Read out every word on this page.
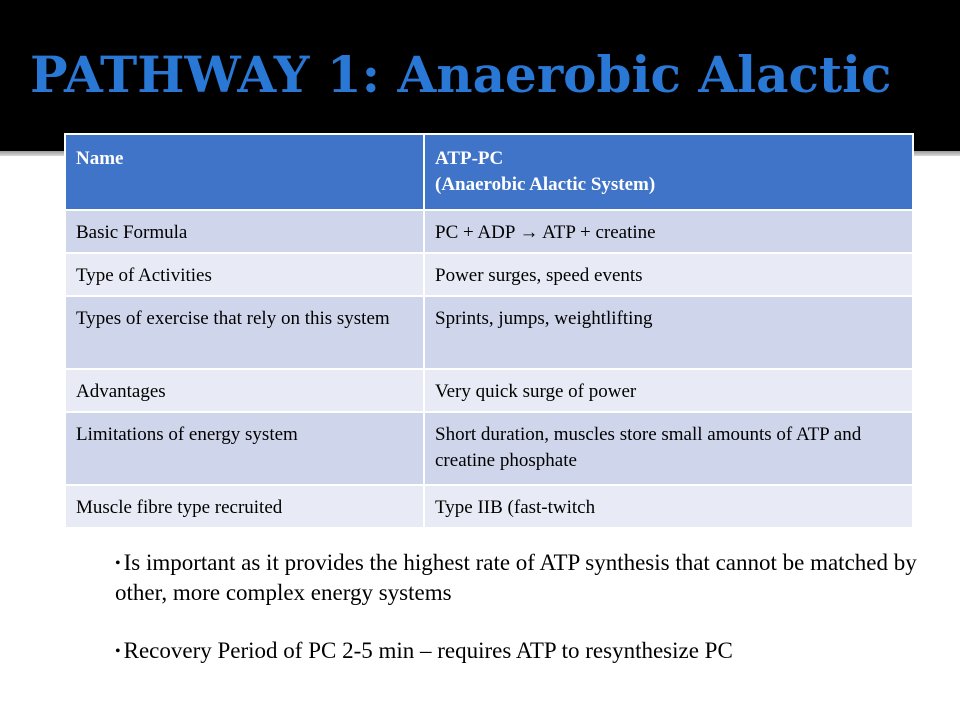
PATHWAY 1: Anaerobic Alactic
Name	ATP-PC
(Anaerobic Alactic System)
Basic Formula	PC + ADP → ATP + creatine
Type of Activities	Power surges, speed events
Types of exercise that rely on this system	Sprints, jumps, weightlifting
Advantages	Very quick surge of power
Limitations of energy system	Short duration, muscles store small amounts of ATP and creatine phosphate
Muscle fibre type recruited	Type IIB (fast-twitch
• Is important as it provides the highest rate of ATP synthesis that cannot be matched by other, more complex energy systems
• Recovery Period of PC 2-5 min – requires ATP to resynthesize PC
